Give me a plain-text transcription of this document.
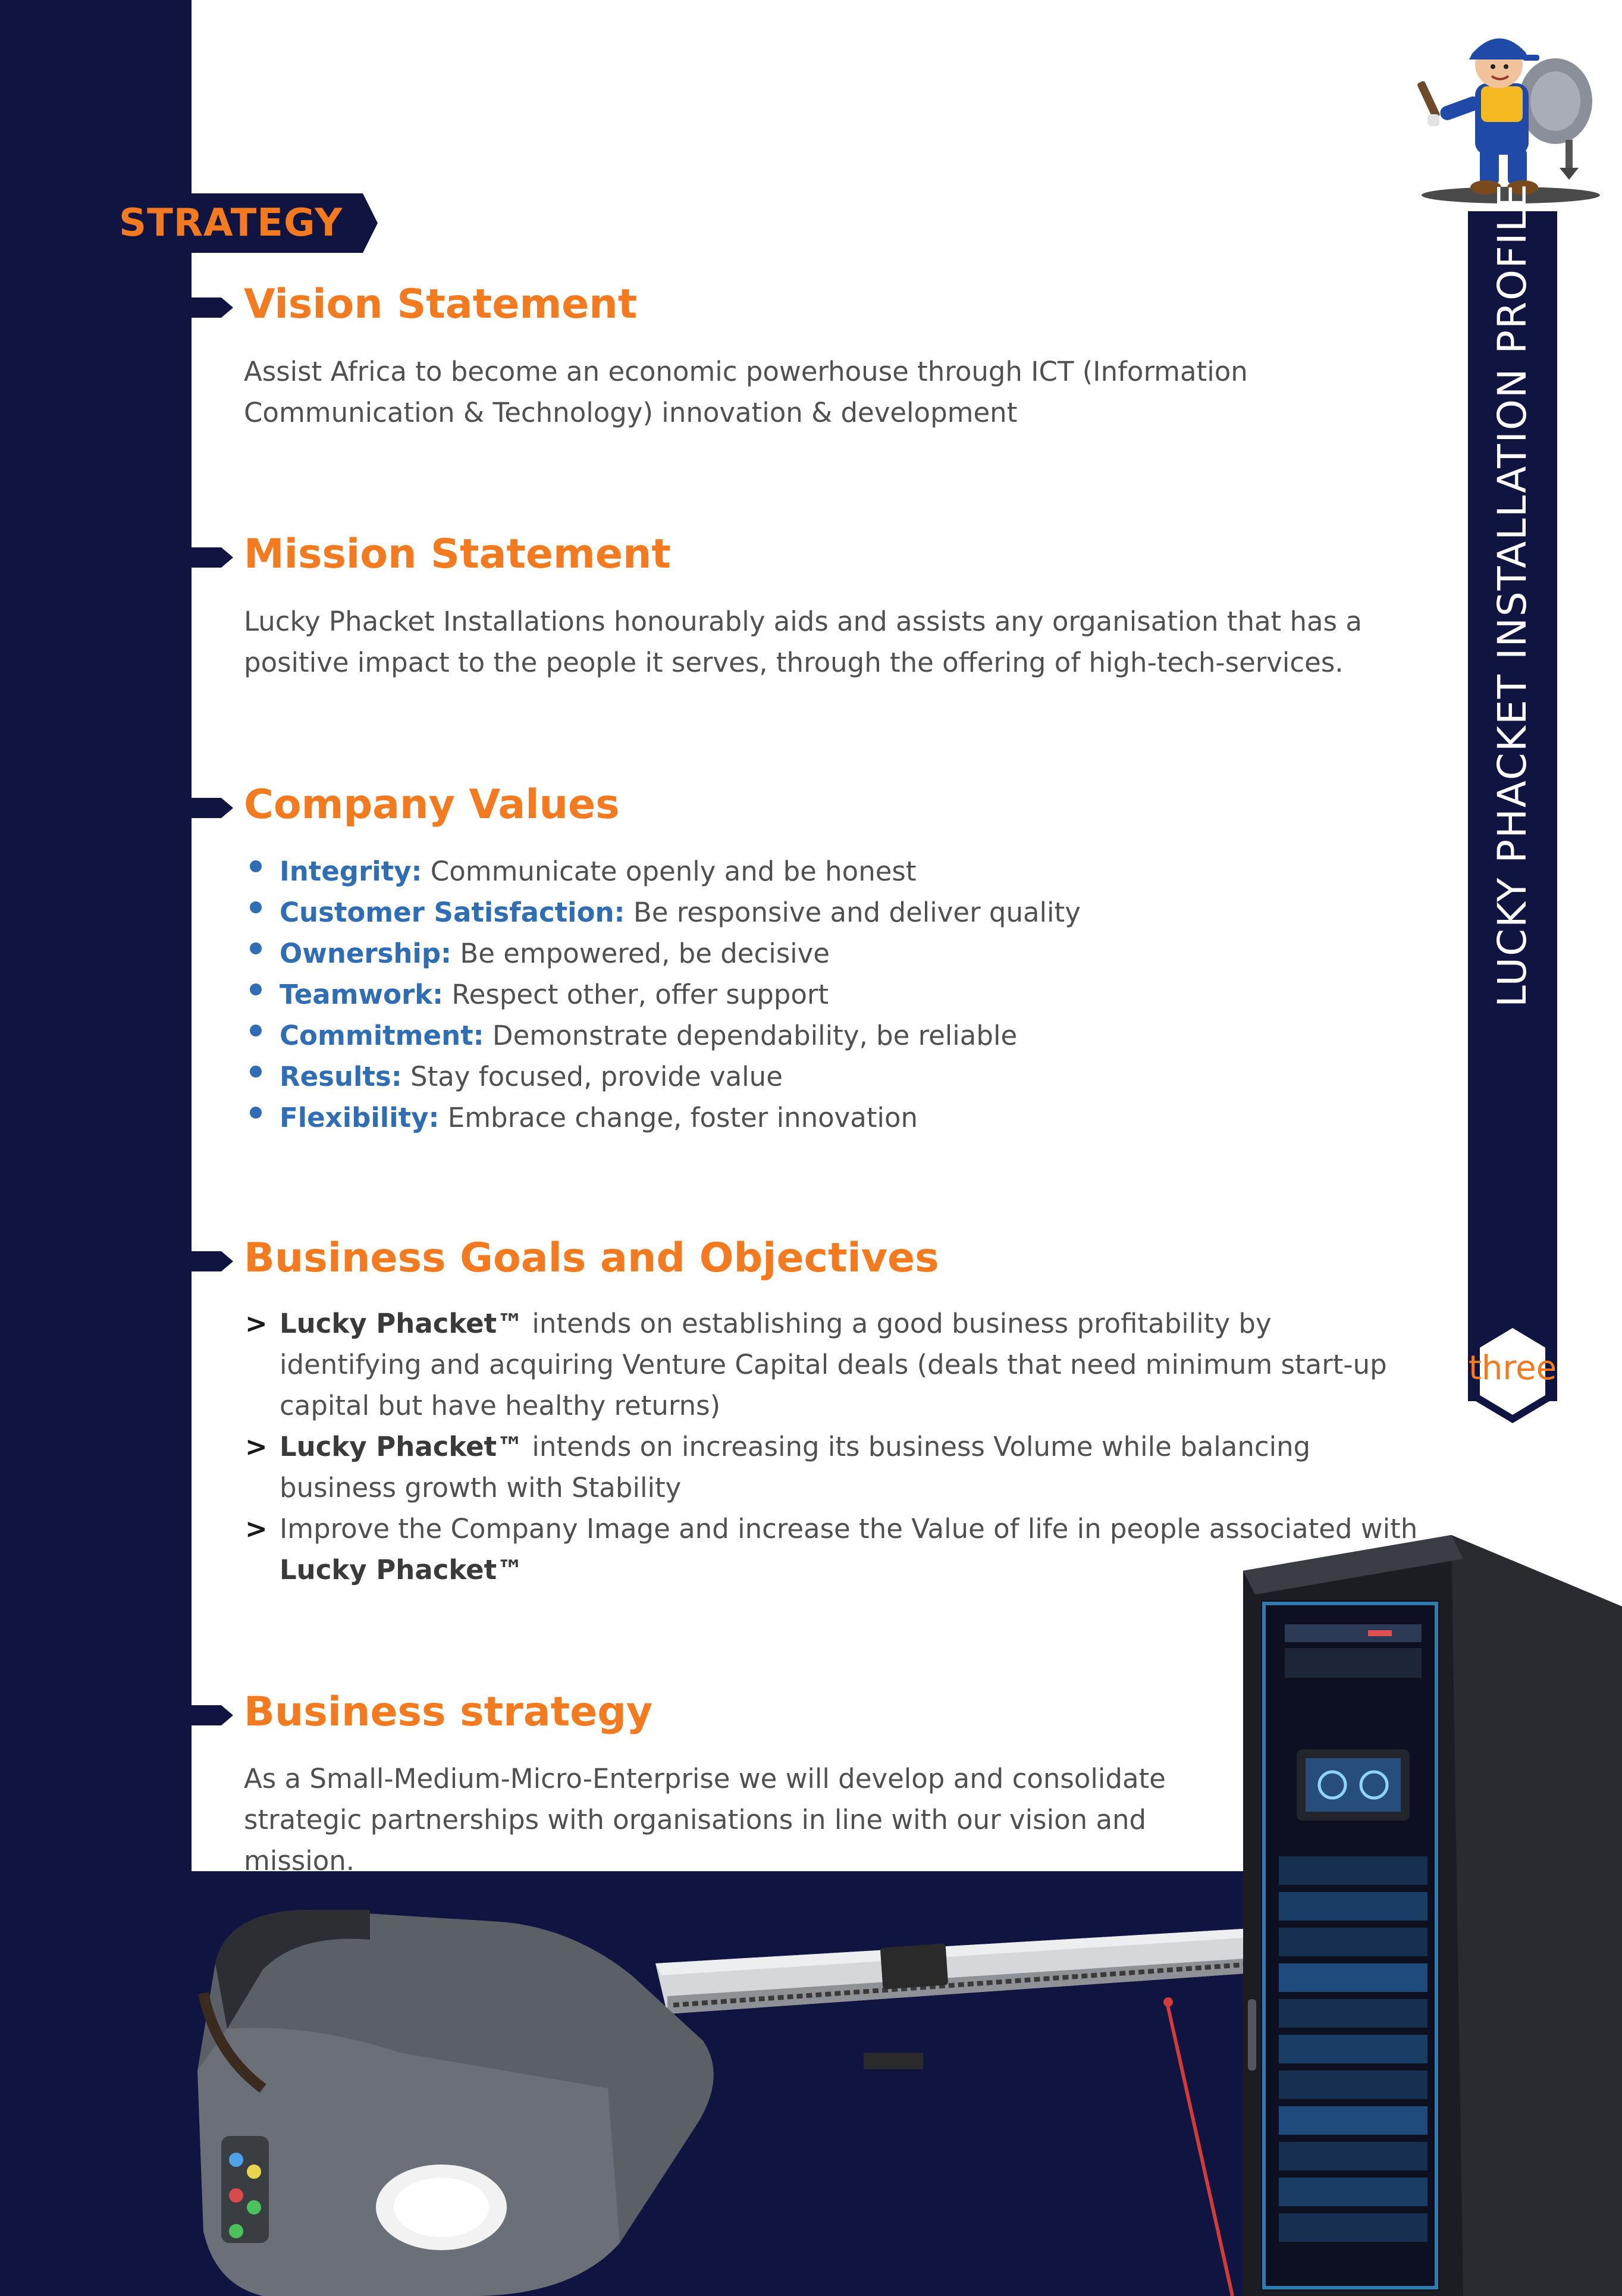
STRATEGY
Vision Statement
Assist Africa to become an economic powerhouse through ICT (Information Communication & Technology) innovation & development
Mission Statement
Lucky Phacket Installations honourably aids and assists any organisation that has a positive impact to the people it serves, through the offering of high-tech-services.
Company Values
Integrity: Communicate openly and be honest
Customer Satisfaction: Be responsive and deliver quality
Ownership: Be empowered, be decisive
Teamwork: Respect other, offer support
Commitment: Demonstrate dependability, be reliable
Results: Stay focused, provide value
Flexibility: Embrace change, foster innovation
Business Goals and Objectives
> Lucky Phacket™ intends on establishing a good business profitability by identifying and acquiring Venture Capital deals (deals that need minimum start-up capital but have healthy returns)
> Lucky Phacket™ intends on increasing its business Volume while balancing business growth with Stability
> Improve the Company Image and increase the Value of life in people associated with Lucky Phacket™
Business strategy
As a Small-Medium-Micro-Enterprise we will develop and consolidate strategic partnerships with organisations in line with our vision and mission.
LUCKY PHACKET INSTALLATION PROFILE
three
